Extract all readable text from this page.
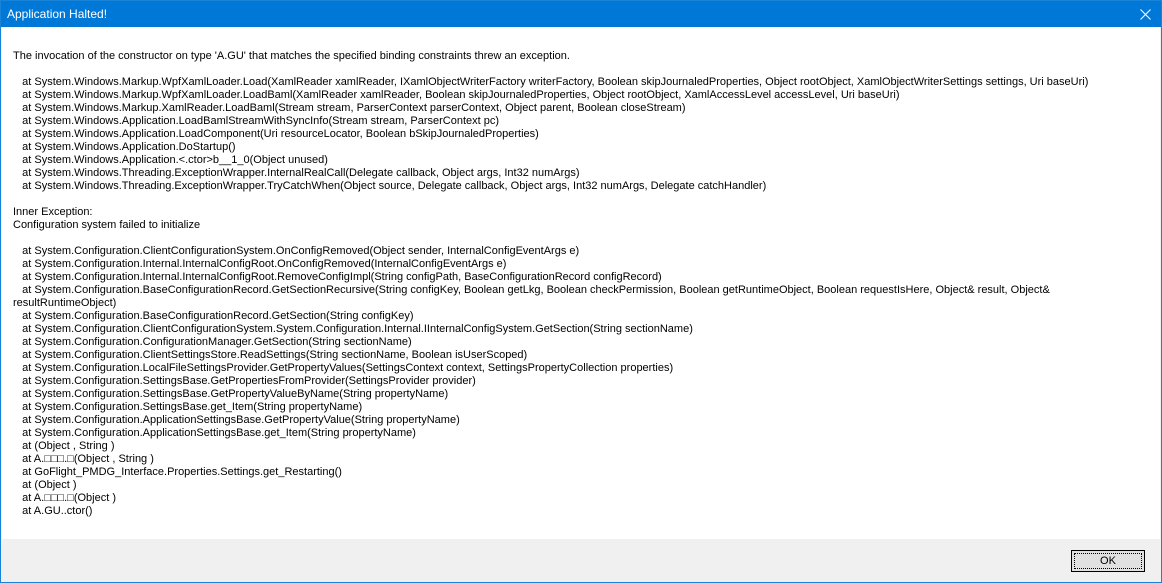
Application Halted!
The invocation of the constructor on type 'A.GU' that matches the specified binding constraints threw an exception.

at System.Windows.Markup.WpfXamlLoader.Load(XamlReader xamlReader, IXamlObjectWriterFactory writerFactory, Boolean skipJournaledProperties, Object rootObject, XamlObjectWriterSettings settings, Uri baseUri)
at System.Windows.Markup.WpfXamlLoader.LoadBaml(XamlReader xamlReader, Boolean skipJournaledProperties, Object rootObject, XamlAccessLevel accessLevel, Uri baseUri)
at System.Windows.Markup.XamlReader.LoadBaml(Stream stream, ParserContext parserContext, Object parent, Boolean closeStream)
at System.Windows.Application.LoadBamlStreamWithSyncInfo(Stream stream, ParserContext pc)
at System.Windows.Application.LoadComponent(Uri resourceLocator, Boolean bSkipJournaledProperties)
at System.Windows.Application.DoStartup()
at System.Windows.Application.<.ctor>b__1_0(Object unused)
at System.Windows.Threading.ExceptionWrapper.InternalRealCall(Delegate callback, Object args, Int32 numArgs)
at System.Windows.Threading.ExceptionWrapper.TryCatchWhen(Object source, Delegate callback, Object args, Int32 numArgs, Delegate catchHandler)

Inner Exception:
Configuration system failed to initialize

at System.Configuration.ClientConfigurationSystem.OnConfigRemoved(Object sender, InternalConfigEventArgs e)
at System.Configuration.Internal.InternalConfigRoot.OnConfigRemoved(InternalConfigEventArgs e)
at System.Configuration.Internal.InternalConfigRoot.RemoveConfigImpl(String configPath, BaseConfigurationRecord configRecord)
at System.Configuration.BaseConfigurationRecord.GetSectionRecursive(String configKey, Boolean getLkg, Boolean checkPermission, Boolean getRuntimeObject, Boolean requestIsHere, Object& result, Object& resultRuntimeObject)
at System.Configuration.BaseConfigurationRecord.GetSection(String configKey)
at System.Configuration.ClientConfigurationSystem.System.Configuration.Internal.IInternalConfigSystem.GetSection(String sectionName)
at System.Configuration.ConfigurationManager.GetSection(String sectionName)
at System.Configuration.ClientSettingsStore.ReadSettings(String sectionName, Boolean isUserScoped)
at System.Configuration.LocalFileSettingsProvider.GetPropertyValues(SettingsContext context, SettingsPropertyCollection properties)
at System.Configuration.SettingsBase.GetPropertiesFromProvider(SettingsProvider provider)
at System.Configuration.SettingsBase.GetPropertyValueByName(String propertyName)
at System.Configuration.SettingsBase.get_Item(String propertyName)
at System.Configuration.ApplicationSettingsBase.GetPropertyValue(String propertyName)
at System.Configuration.ApplicationSettingsBase.get_Item(String propertyName)
at (Object , String )
at A.□□□.□(Object , String )
at GoFlight_PMDG_Interface.Properties.Settings.get_Restarting()
at (Object )
at A.□□□.□(Object )
at A.GU..ctor()
OK
